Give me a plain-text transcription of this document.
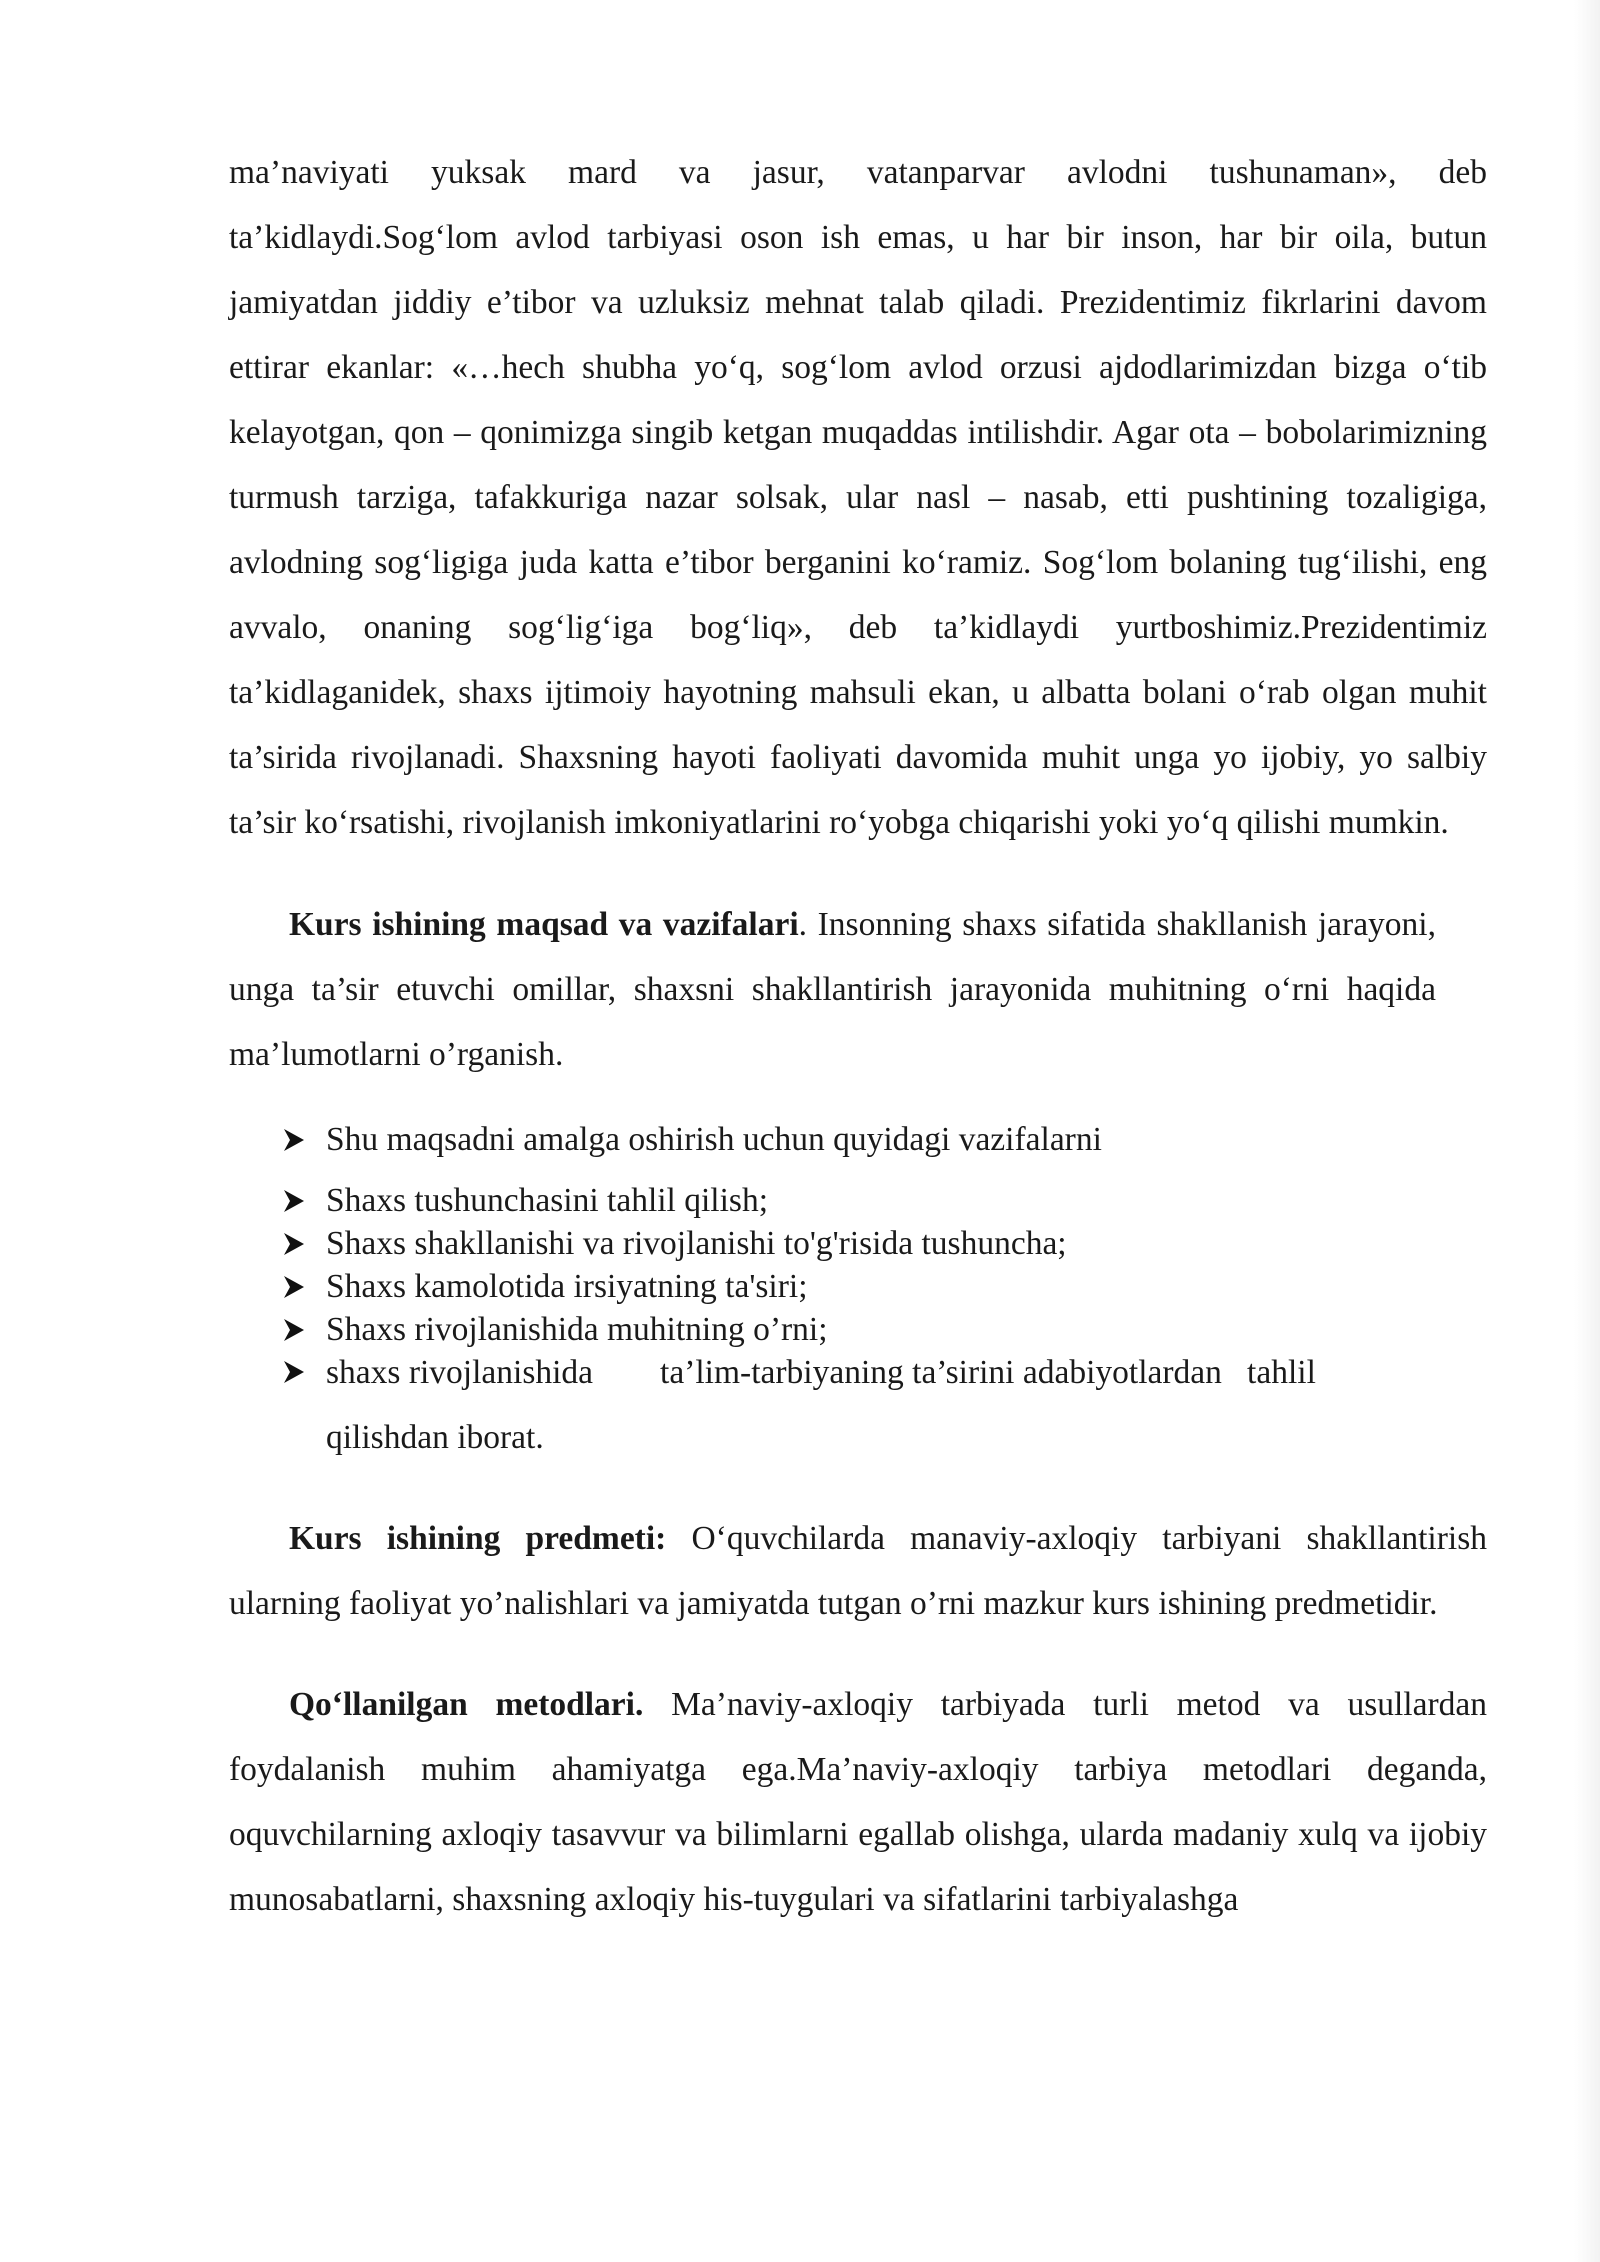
ma’naviyati yuksak mard va jasur, vatanparvar avlodni tushunaman», deb ta’kidlaydi.Sog‘lom avlod tarbiyasi oson ish emas, u har bir inson, har bir oila, butun jamiyatdan jiddiy e’tibor va uzluksiz mehnat talab qiladi. Prezidentimiz fikrlarini davom ettirar ekanlar: «…hech shubha yo‘q, sog‘lom avlod orzusi ajdodlarimizdan bizga o‘tib kelayotgan, qon – qonimizga singib ketgan muqaddas intilishdir. Agar ota – bobolarimizning turmush tarziga, tafakkuriga nazar solsak, ular nasl – nasab, etti pushtining tozaligiga, avlodning sog‘ligiga juda katta e’tibor berganini ko‘ramiz. Sog‘lom bolaning tug‘ilishi, eng avvalo, onaning sog‘lig‘iga bog‘liq», deb ta’kidlaydi yurtboshimiz.Prezidentimiz ta’kidlaganidek, shaxs ijtimoiy hayotning mahsuli ekan, u albatta bolani o‘rab olgan muhit ta’sirida rivojlanadi. Shaxsning hayoti faoliyati davomida muhit unga yo ijobiy, yo salbiy ta’sir ko‘rsatishi, rivojlanish imkoniyatlarini ro‘yobga chiqarishi yoki yo‘q qilishi mumkin.

Kurs ishining maqsad va vazifalari. Insonning shaxs sifatida shakllanish jarayoni, unga ta’sir etuvchi omillar, shaxsni shakllantirish jarayonida muhitning o‘rni haqida ma’lumotlarni o’rganish.

Shu maqsadni amalga oshirish uchun quyidagi vazifalarni
Shaxs tushunchasini tahlil qilish;
Shaxs shakllanishi va rivojlanishi to'g'risida tushuncha;
Shaxs kamolotida irsiyatning ta'siri;
Shaxs rivojlanishida muhitning o’rni;
shaxs rivojlanishida        ta’lim-tarbiyaning ta’sirini adabiyotlardan   tahlil qilishdan iborat.

Kurs ishining predmeti: O‘quvchilarda manaviy-axloqiy tarbiyani shakllantirish ularning faoliyat yo’nalishlari va jamiyatda tutgan o’rni mazkur kurs ishining predmetidir.

Qo‘llanilgan metodlari. Ma’naviy-axloqiy tarbiyada turli metod va usullardan foydalanish muhim ahamiyatga ega.Ma’naviy-axloqiy tarbiya metodlari deganda, oquvchilarning axloqiy tasavvur va bilimlarni egallab olishga, ularda madaniy xulq va ijobiy munosabatlarni, shaxsning axloqiy his-tuygulari va sifatlarini tarbiyalashga
